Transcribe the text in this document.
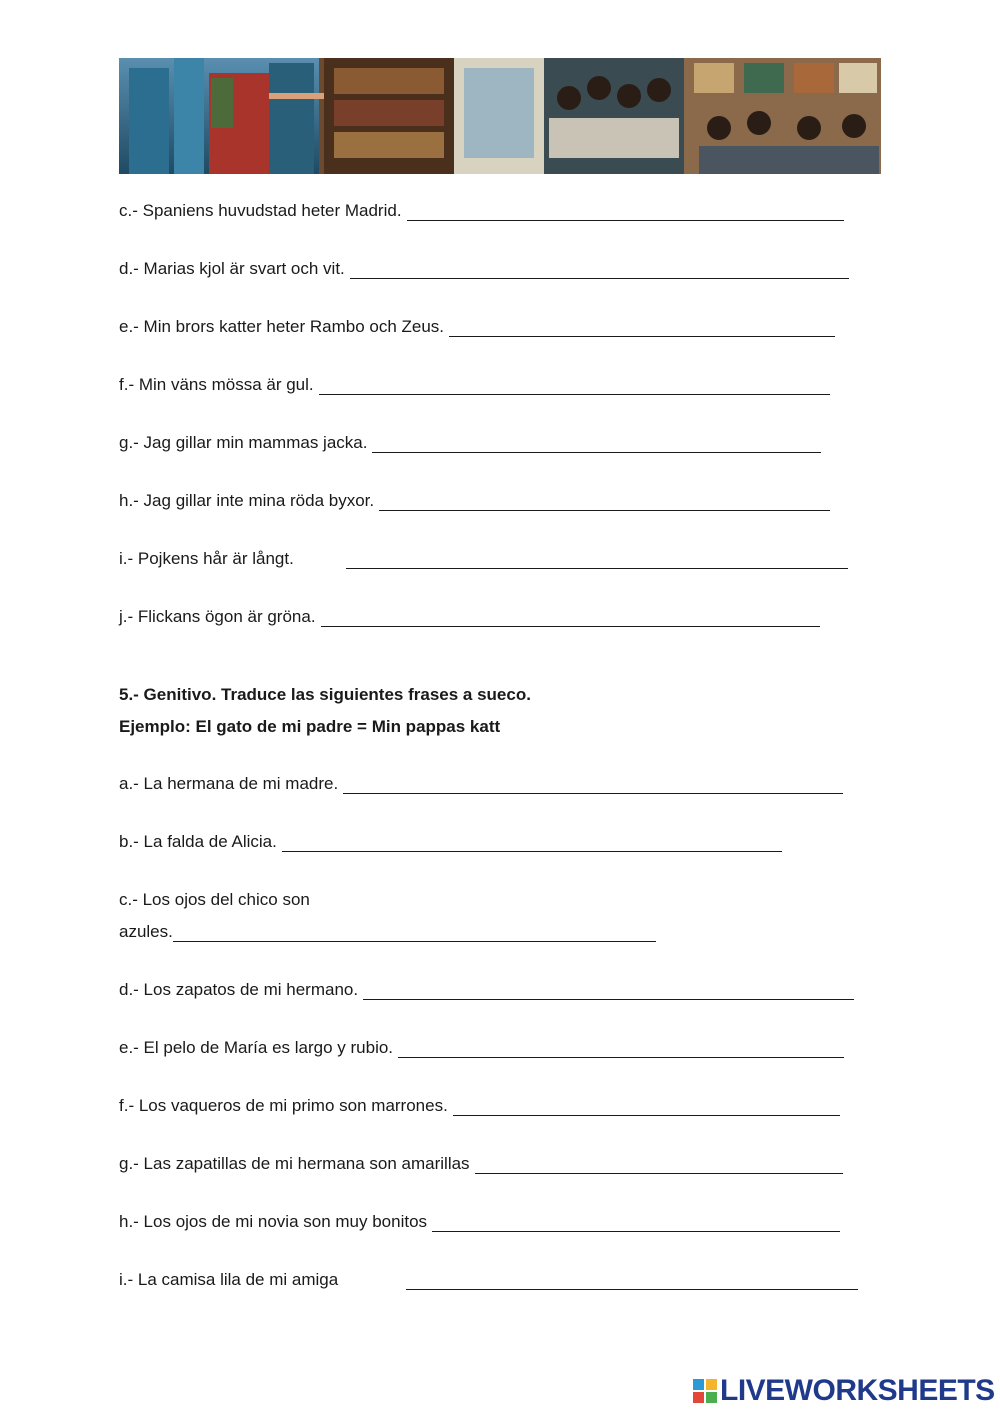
c.- Spaniens huvudstad heter Madrid.
d.- Marias kjol är svart och vit.
e.- Min brors katter heter Rambo och Zeus.
f.- Min väns mössa är gul.
g.- Jag gillar min mammas jacka.
h.- Jag gillar inte mina röda byxor.
i.- Pojkens hår är långt.
j.- Flickans ögon är gröna.
5.- Genitivo. Traduce las siguientes frases a sueco.
Ejemplo: El gato de mi padre = Min pappas katt
a.- La hermana de mi madre.
b.- La falda de Alicia.
c.- Los ojos del chico son
azules.
d.- Los zapatos de mi hermano.
e.- El pelo de María es largo y rubio.
f.- Los vaqueros de mi primo son marrones.
g.- Las zapatillas de mi hermana son amarillas
h.- Los ojos de mi novia son muy bonitos
i.- La camisa lila de mi amiga
LIVEWORKSHEETS
